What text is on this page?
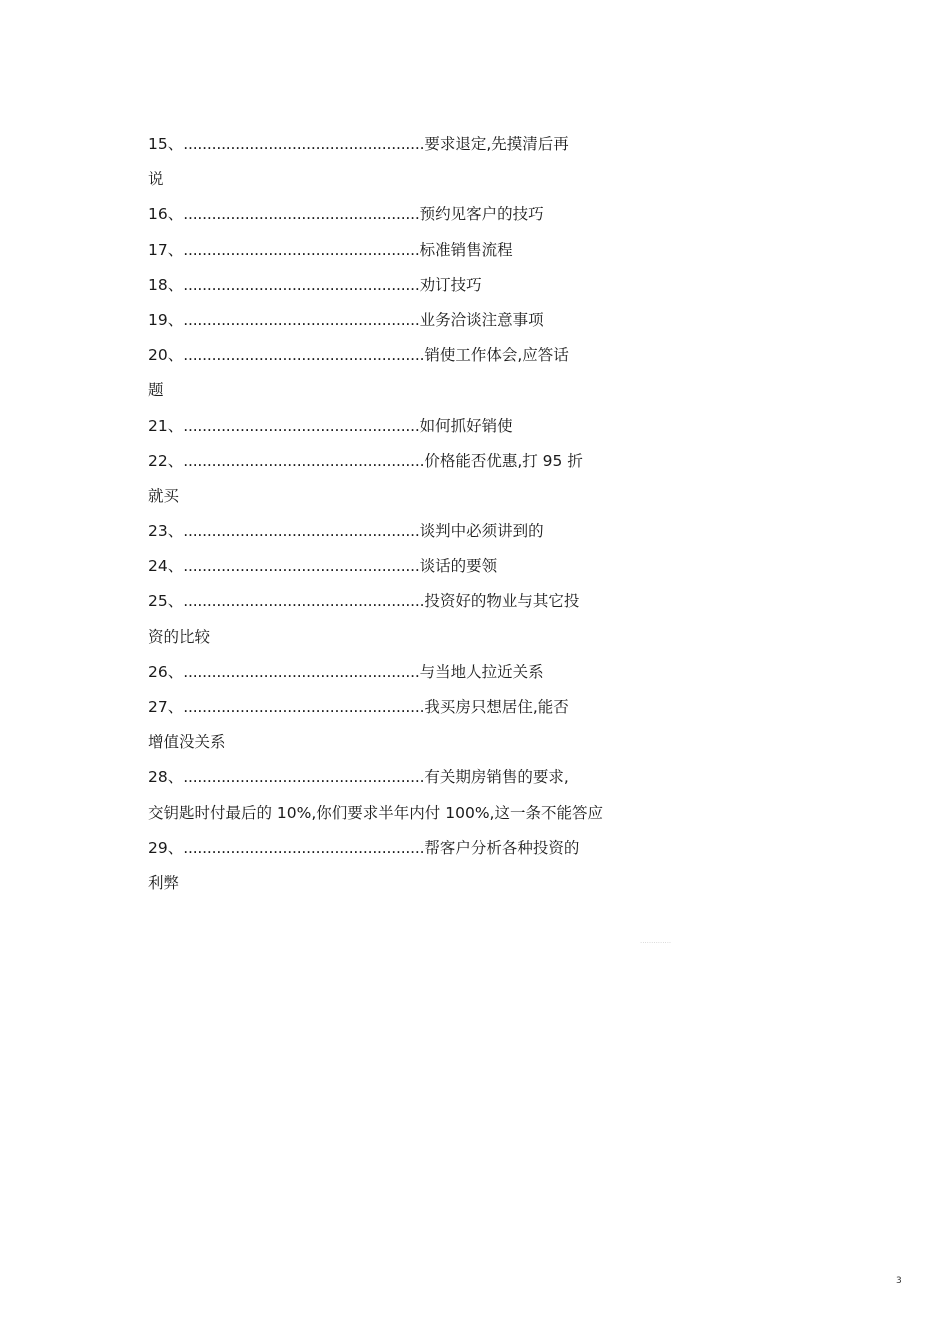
15、...................................................要求退定,先摸清后再
说
16、..................................................预约见客户的技巧
17、..................................................标准销售流程
18、..................................................劝订技巧
19、..................................................业务洽谈注意事项
20、...................................................销使工作体会,应答话
题
21、..................................................如何抓好销使
22、...................................................价格能否优惠,打 95 折
就买
23、..................................................谈判中必须讲到的
24、..................................................谈话的要领
25、...................................................投资好的物业与其它投
资的比较
26、..................................................与当地人拉近关系
27、...................................................我买房只想居住,能否
增值没关系
28、...................................................有关期房销售的要求,
交钥匙时付最后的 10%,你们要求半年内付 100%,这一条不能答应
29、...................................................帮客户分析各种投资的
利弊
..............
3
